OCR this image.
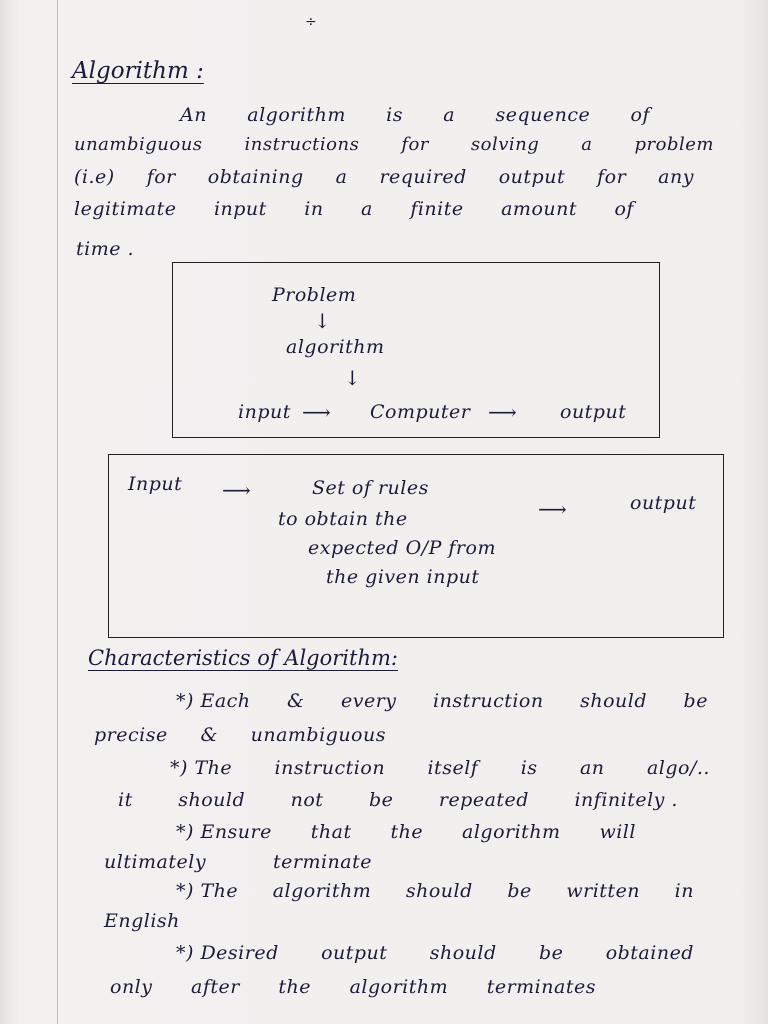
÷
Algorithm :
An algorithm is a sequence of
unambiguous instructions for solving a problem
(i.e) for obtaining a required output for any
legitimate input in a finite amount of
time .
Problem
↓
algorithm
↓
input ⟶ Computer ⟶ output
Input ⟶	Set of rules
to obtain the
expected O/P from
the given input
⟶	output
Characteristics of Algorithm:
*) Each & every instruction should be
precise & unambiguous
*) The instruction itself is an algo/..
it should not be repeated infinitely .
*) Ensure that the algorithm will
ultimately	terminate
*) The algorithm should be written in
English
*) Desired output should be obtained
only after the algorithm terminates
